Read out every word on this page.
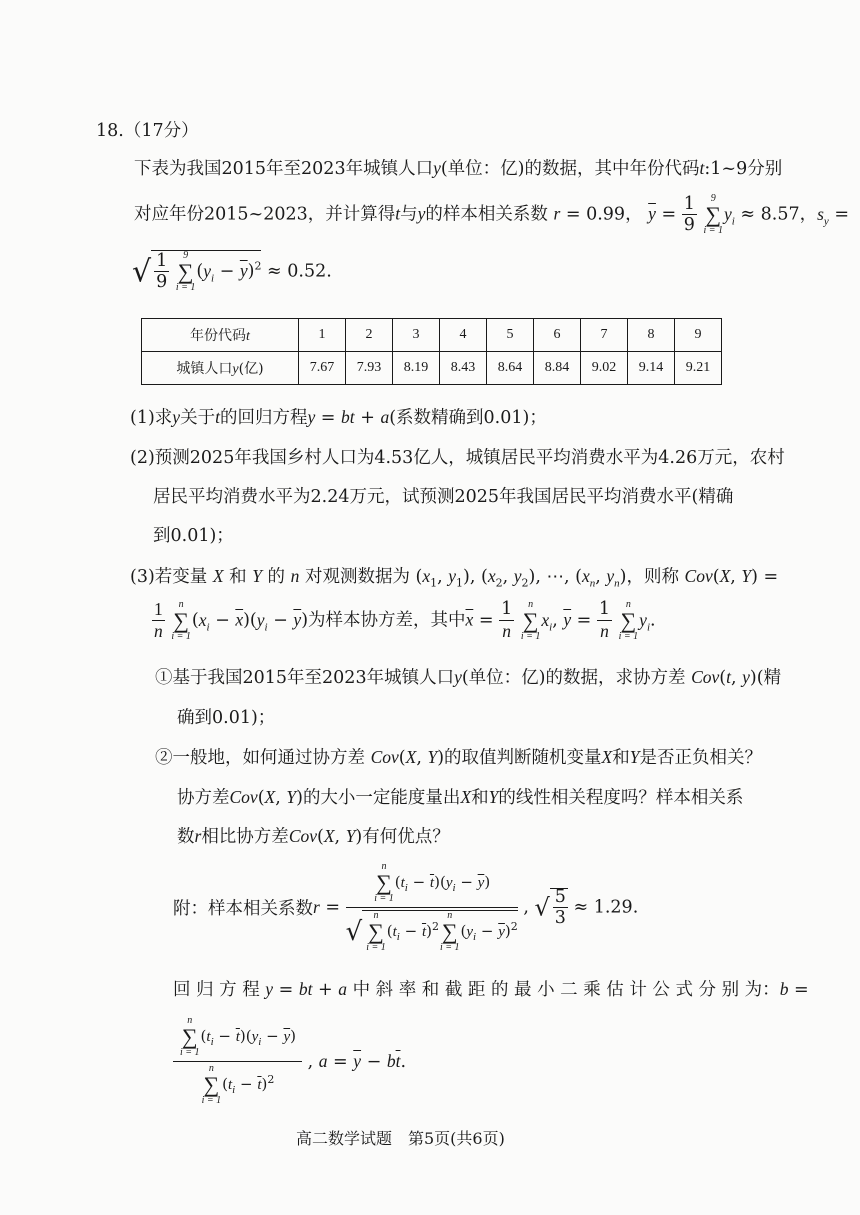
18.（17分）
下表为我国2015年至2023年城镇人口y(单位：亿)的数据，其中年份代码t:1~9分别
对应年份2015~2023，并计算得t与y的样本相关系数 r = 0.99， $\overline{y} = \frac{1}{9}$
	9
∑
i = 1
$y_i \approx 8.57$，$s_y$ =
√ $\frac{1}{9}$
	9
∑
i = 1
$(y_i - \overline{y})^2 \approx 0.52$.
年份代码t	1	2	3	4	5	6	7	8	9
城镇人口y(亿)	7.67	7.93	8.19	8.43	8.64	8.84	9.02	9.14	9.21
(1)求y关于t的回归方程y = bt + a(系数精确到0.01)；
(2)预测2025年我国乡村人口为4.53亿人，城镇居民平均消费水平为4.26万元，农村
居民平均消费水平为2.24万元，试预测2025年我国居民平均消费水平(精确
到0.01)；
(3)若变量 X 和 Y 的 n 对观测数据为 ($x_1$, $y_1$), ($x_2$, $y_2$), ⋯, ($x_n$, $y_n$)，则称 Cov(X, Y) =
$\frac{1}{n}$
	n
∑
i = 1
$(x_i - \overline{x})(y_i - \overline{y})$为样本协方差，其中$\overline{x} = \frac{1}{n}$
	n
∑
i = 1
$x_i$, $\overline{y} = \frac{1}{n}$
	n
∑
i = 1
$y_i$.
①基于我国2015年至2023年城镇人口y(单位：亿)的数据，求协方差 Cov(t, y)(精
确到0.01)；
②一般地，如何通过协方差 Cov(X, Y)的取值判断随机变量X和Y是否正负相关？
协方差Cov(X, Y)的大小一定能度量出X和Y的线性相关程度吗？样本相关系
数r相比协方差Cov(X, Y)有何优点？
附：样本相关系数r = n
∑
i = 1
$(t_i - \overline{t})(y_i - \overline{y})$
√
n
∑
i = 1
$(t_i - \overline{t})^2$
n
∑
i = 1
$(y_i - \overline{y})^2$ , √ $\frac{5}{3} \approx 1.29$.
回 归 方 程 y = bt + a 中 斜 率 和 截 距 的 最 小 二 乘 估 计 公 式 分 别 为：b =
n
∑
i = 1
$(t_i - \overline{t})(y_i - \overline{y})$
n
∑
i = 1
$(t_i - \overline{t})^2$ , $a = \overline{y} - b\overline{t}$.
高二数学试题　第5页(共6页)
